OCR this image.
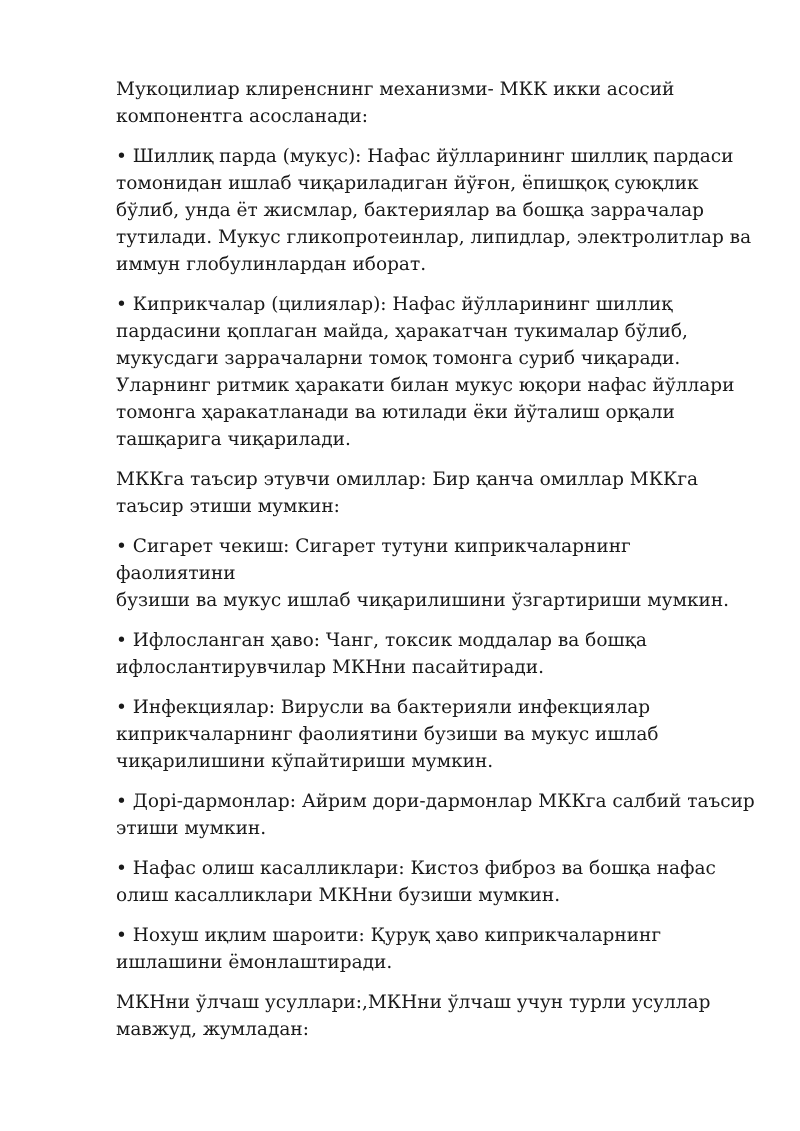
Мукоцилиар клиренснинг механизми- МКК икки асосий
компонентга асосланади:

• Шиллиқ парда (мукус): Нафас йўлларининг шиллиқ пардаси
томонидан ишлаб чиқариладиган йўғон, ёпишқоқ суюқлик
бўлиб, унда ёт жисмлар, бактериялар ва бошқа заррачалар
тутилади. Мукус гликопротеинлар, липидлар, электролитлар ва
иммун глобулинлардан иборат.

• Киприкчалар (цилиялар): Нафас йўлларининг шиллиқ
пардасини қоплаган майда, ҳаракатчан тукималар бўлиб,
мукусдаги заррачаларни томоқ томонга суриб чиқаради.
Уларнинг ритмик ҳаракати билан мукус юқори нафас йўллари
томонга ҳаракатланади ва ютилади ёки йўталиш орқали
ташқарига чиқарилади.

МККга таъсир этувчи омиллар: Бир қанча омиллар МККга
таъсир этиши мумкин:

• Сигарет чекиш: Сигарет тутуни киприкчаларнинг фаолиятини
бузиши ва мукус ишлаб чиқарилишини ўзгартириши мумкин.

• Ифлосланган ҳаво: Чанг, токсик моддалар ва бошқа
ифлослантирувчилар МКНни пасайтиради.

• Инфекциялар: Вирусли ва бактерияли инфекциялар
киприкчаларнинг фаолиятини бузиши ва мукус ишлаб
чиқарилишини кўпайтириши мумкин.

• Дорі-дармонлар: Айрим дори-дармонлар МККга салбий таъсир
этиши мумкин.

• Нафас олиш касалликлари: Кистоз фиброз ва бошқа нафас
олиш касалликлари МКНни бузиши мумкин.

• Нохуш иқлим шароити: Қуруқ ҳаво киприкчаларнинг
ишлашини ёмонлаштиради.

МКНни ўлчаш усуллари:,МКНни ўлчаш учун турли усуллар
мавжуд, жумладан:
